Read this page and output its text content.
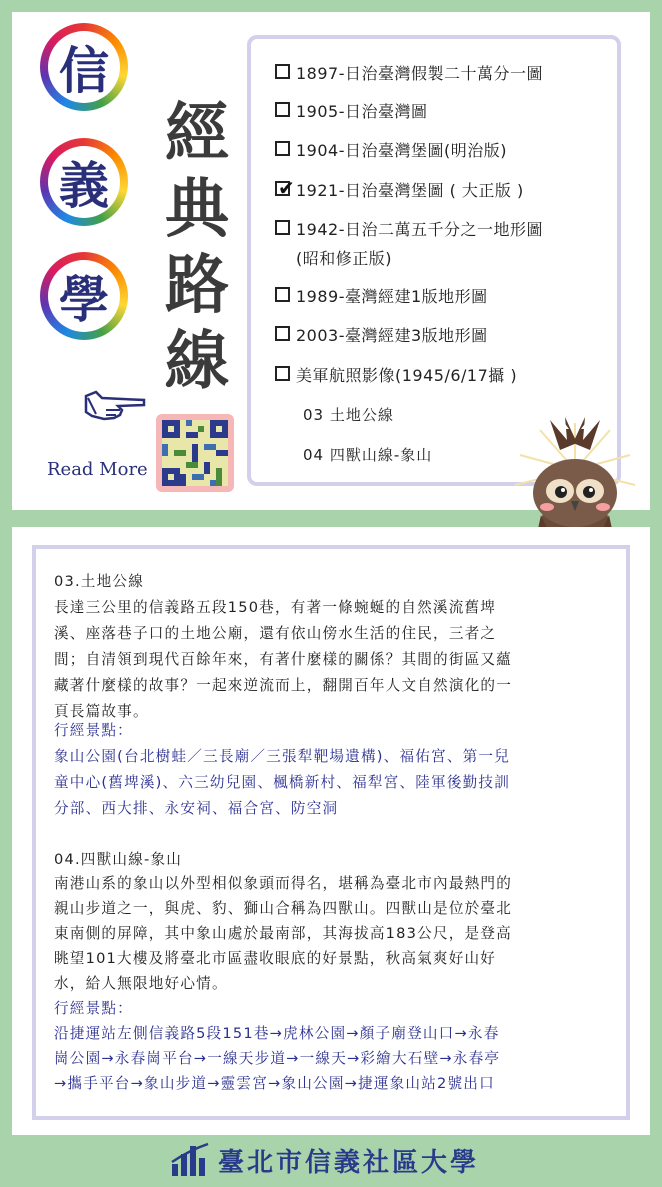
信
義
學
經
典
路
線
Read More
1897-日治臺灣假製二十萬分一圖
1905-日治臺灣圖
1904-日治臺灣堡圖(明治版)
✔ 1921-日治臺灣堡圖 ( 大正版 )
1942-日治二萬五千分之一地形圖
(昭和修正版)
1989-臺灣經建1版地形圖
2003-臺灣經建3版地形圖
美軍航照影像(1945/6/17攝 )
03 土地公線
04 四獸山線-象山
03.土地公線
長達三公里的信義路五段150巷，有著一條蜿蜒的自然溪流舊埤
溪、座落巷子口的土地公廟，還有依山傍水生活的住民，三者之
間；自清領到現代百餘年來，有著什麼樣的關係？其間的街區又蘊
藏著什麼樣的故事？一起來逆流而上，翻開百年人文自然演化的一
頁長篇故事。
行經景點：
象山公園(台北樹蛙／三長廟／三張犁靶場遺構)、福佑宮、第一兒
童中心(舊埤溪)、六三幼兒園、楓橋新村、福犁宮、陸軍後勤技訓
分部、西大排、永安祠、福合宮、防空洞
04.四獸山線-象山
南港山系的象山以外型相似象頭而得名，堪稱為臺北市內最熱門的
親山步道之一，與虎、豹、獅山合稱為四獸山。四獸山是位於臺北
東南側的屏障，其中象山處於最南部，其海拔高183公尺，是登高
眺望101大樓及將臺北市區盡收眼底的好景點，秋高氣爽好山好
水，給人無限地好心情。
行經景點：
沿捷運站左側信義路5段151巷→虎林公園→顏子廟登山口→永春
崗公園→永春崗平台→一線天步道→一線天→彩繪大石壁→永春亭
→攜手平台→象山步道→靈雲宮→象山公園→捷運象山站2號出口
臺北市信義社區大學
